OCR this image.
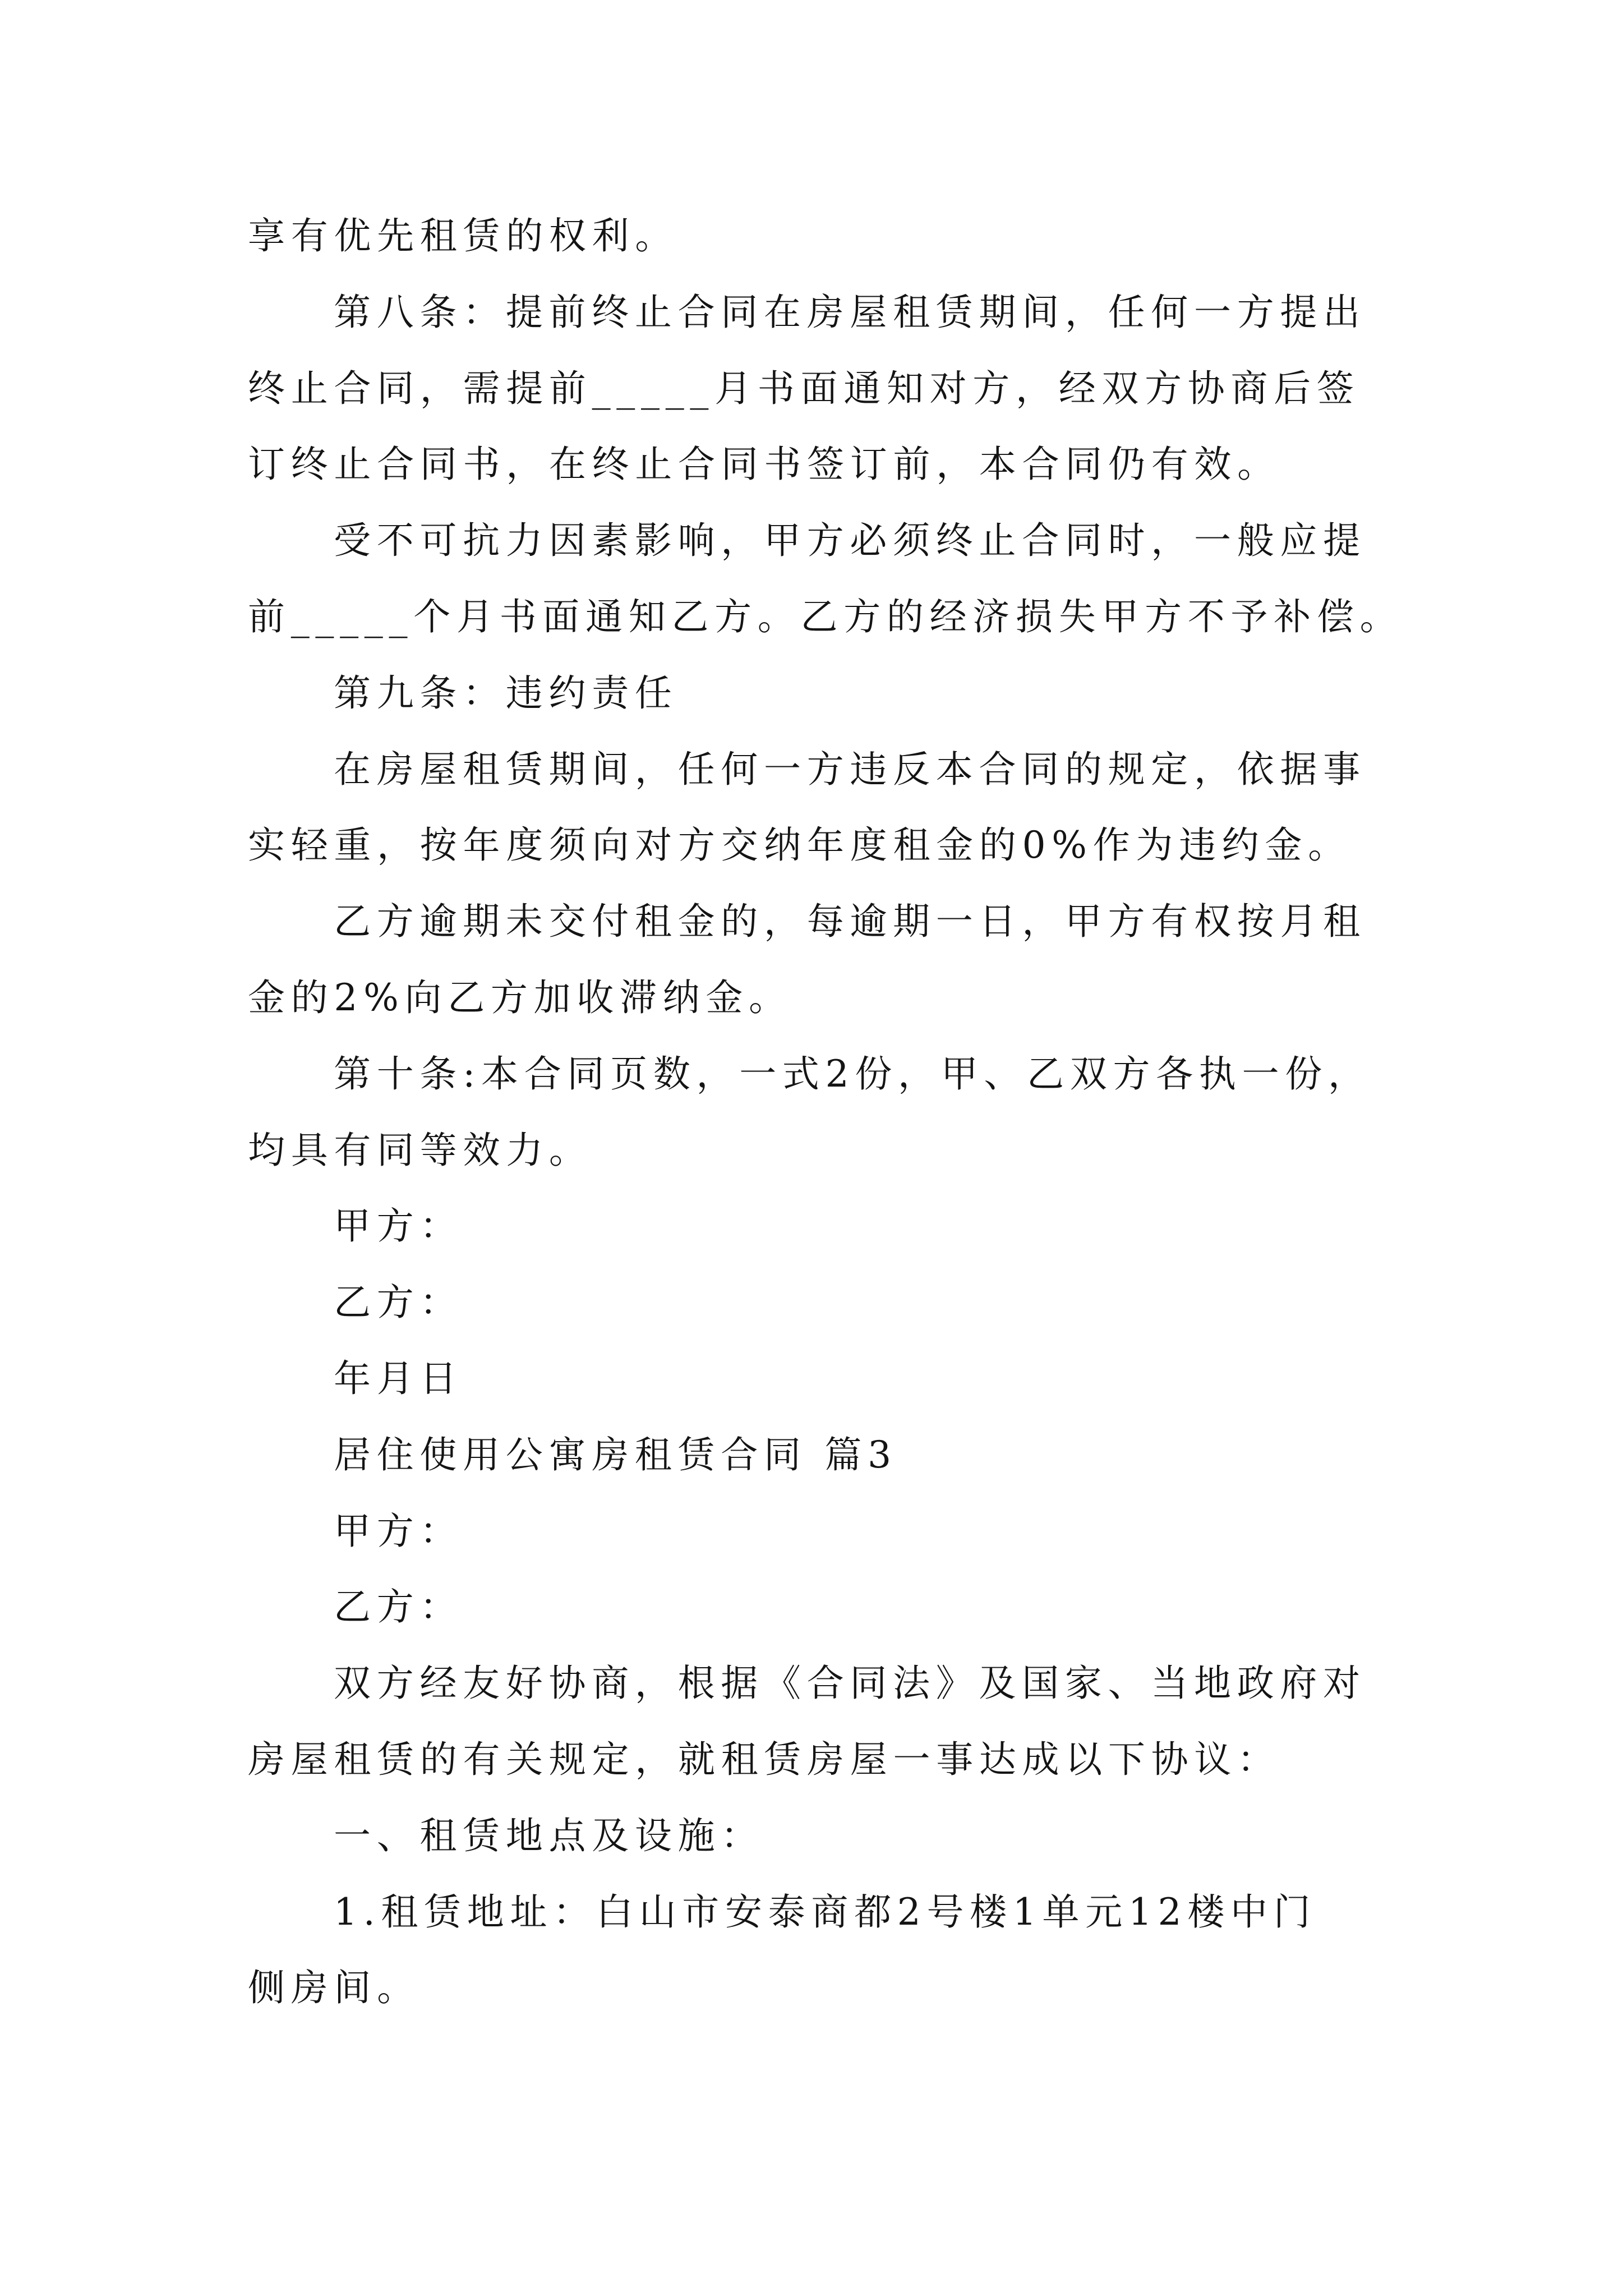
享有优先租赁的权利。
第八条：提前终止合同在房屋租赁期间，任何一方提出
终止合同，需提前_____月书面通知对方，经双方协商后签
订终止合同书，在终止合同书签订前，本合同仍有效。
受不可抗力因素影响，甲方必须终止合同时，一般应提
前_____个月书面通知乙方。乙方的经济损失甲方不予补偿。
第九条：违约责任
在房屋租赁期间，任何一方违反本合同的规定，依据事
实轻重，按年度须向对方交纳年度租金的0%作为违约金。
乙方逾期未交付租金的，每逾期一日，甲方有权按月租
金的2%向乙方加收滞纳金。
第十条:本合同页数，一式2份，甲、乙双方各执一份，
均具有同等效力。
甲方：
乙方：
年月日
居住使用公寓房租赁合同 篇3
甲方：
乙方：
双方经友好协商，根据《合同法》及国家、当地政府对
房屋租赁的有关规定，就租赁房屋一事达成以下协议：
一、租赁地点及设施：
1.租赁地址：白山市安泰商都2号楼1单元12楼中门
侧房间。
